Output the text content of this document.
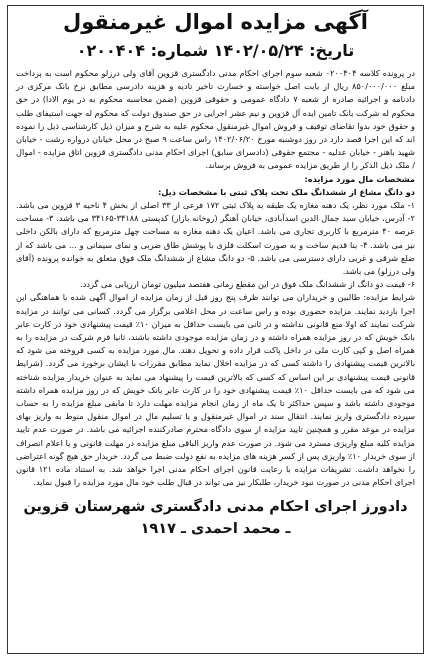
آگهی مزایده اموال غیرمنقول
تاریخ: ۱۴۰۲/۰۵/۲۴ شماره: ۰۲۰۰۴۰۴

در پرونده کلاسه ۰۲۰۰۴۰۴ شعبه سوم اجرای احکام مدنی دادگستری قزوین آقای ولی درزلو محکوم است به پرداخت مبلغ ۸۵۰/۰۰۰/۰۰۰ ریال از بابت اصل خواسته و خسارت تاخیر تادیه و هزینه دادرسی مطابق نرخ بانک مرکزی در دادنامه و اجرائیه صادره از شعبه ۷ دادگاه عمومی و حقوقی قزوین (ضمن محاسبه محکوم به در یوم الادا) در حق محکوم له شرکت بانک تامین ایده آل قزوین و نیم عشر اجرایی در حق صندوق دولت که محکوم له جهت استیفای طلب و حقوق خود بدوا تقاضای توقیف و فروش اموال غیرمنقول محکوم علیه به شرح و میزان ذیل کارشناسی ذیل را نموده اند که این اجرا قصد دارد در روز دوشنبه مورخ ۱۴۰۲/۰۶/۲۰ راس ساعت ۹ صبح در محل خیابان درواره رشت - خیابان شهید باهنر - خیابان عدلیه - مجتمع حقوقی (دادسرای سابق) اجرای احکام مدنی دادگستری قزوین اتاق مزایده - اموال / ملک ذیل الذکر را از طریق مزایده عمومی به فروش برساند.

مشخصات مال مورد مزایده:

دو دانگ مشاع از ششدانگ ملک تحت پلاک ثبتی با مشخصات ذیل:

۱- ملک مورد نظر، یک دهنه مغازه یک طبقه به پلاک ثبتی ۱۷۲ فرعی از ۳۳ اصلی از بخش ۴ ناحیه ۳ قزوین می باشد. ۲- آدرس، خیابان سید جمال الدین اسدآبادی، خیابان آهنگر (روخانه بازار) کدپستی ۳۴۱۸۸-۳۴۱۶۵ می باشد. ۳- مساحت عرصه ۴۰ مترمربع با کاربری تجاری می باشد. اعیان یک دهنه مغازه به مساحت چهل مترمربع که دارای بالکن داخلی نیز می باشد. ۴- بنا قدیم ساخت و به صورت اسکلت فلزی با پوشش طاق ضربی و نمای سیمانی و ... می باشد که از ضلع شرقی و غربی دارای دسترسی می باشد. ۵- دو دانگ مشاع از ششدانگ ملک فوق متعلق به خوانده پرونده (آقای ولی درزلو) می باشد.

۶- قیمت دو دانگ از ششدانگ ملک فوق در این مقطع زمانی هفتصد میلیون تومان ارزیابی می گردد.

شرایط مزایده: طالبین و خریداران می توانند ظرف پنج روز قبل از زمان مزایده از اموال آگهی شده با هماهنگی این اجرا بازدید نمایند. مزایده حضوری بوده و راس ساعت در محل اعلامی برگزار می گردد. کسانی می توانند در مزایده شرکت نمایند که اولا منع قانونی نداشته و در ثانی می بایست حداقل به میزان ۱۰٪ قیمت پیشنهادی خود در کارت عابر بانک خویش که در روز مزایده همراه داشته و در زمان مزایده موجودی داشته باشند، ثانیا فرم شرکت در مزایده را به همراه اصل و کپی کارت ملی در داخل پاکت قرار داده و تحویل دهند. مال مورد مزایده به کسی فروخته می شود که بالاترین قیمت پیشنهادی را داشته کسی که در مزایده اخلال نماید مطابق مقررات با ایشان برخورد می گردد. (شرایط قانونی قیمت پیشنهادی بر این اساس که کسی که بالاترین قیمت را پیشنهاد می نماید به عنوان خریدار مزایده شناخته می شود که می بایست حداقل ۱۰٪ قیمت پیشنهادی خود را در کارت عابر بانک خویش که در روز مزایده همراه داشته موجودی داشته باشد و سپس حداکثر تا یک ماه از زمان انجام مزایده مهلت دارد تا مابقی مبلغ مزایده را به حساب سپرده دادگستری واریز نمایند. انتقال سند در اموال غیرمنقول و یا تسلیم مال در اموال منقول منوط به واریز بهای مزایده در موعد مقرر و همچنین تایید مزایده از سوی دادگاه محترم صادرکننده اجرائیه می باشد. در صورت عدم تایید مزایده کلیه مبلغ واریزی مسترد می شود. در صورت عدم واریز الباقی مبلغ مزایده در مهلت قانونی و یا اعلام انصراف از سوی خریدار ۱۰٪ واریزی پس از کسر هزینه های مزایده به نفع دولت ضبط می گردد. خریدار حق هیچ گونه اعتراضی را نخواهد داشت. تشریفات مزایده با رعایت قانون اجرای احکام مدنی اجرا خواهد شد. به استناد ماده ۱۲۱ قانون اجرای احکام مدنی در صورت نبود خریدار، طلبکار نیز می تواند در قبال طلب خود مال مورد مزایده را قبول نماید.

دادورز اجرای احکام مدنی دادگستری شهرستان قزوین
ـ محمد احمدی ـ ۱۹۱۷
